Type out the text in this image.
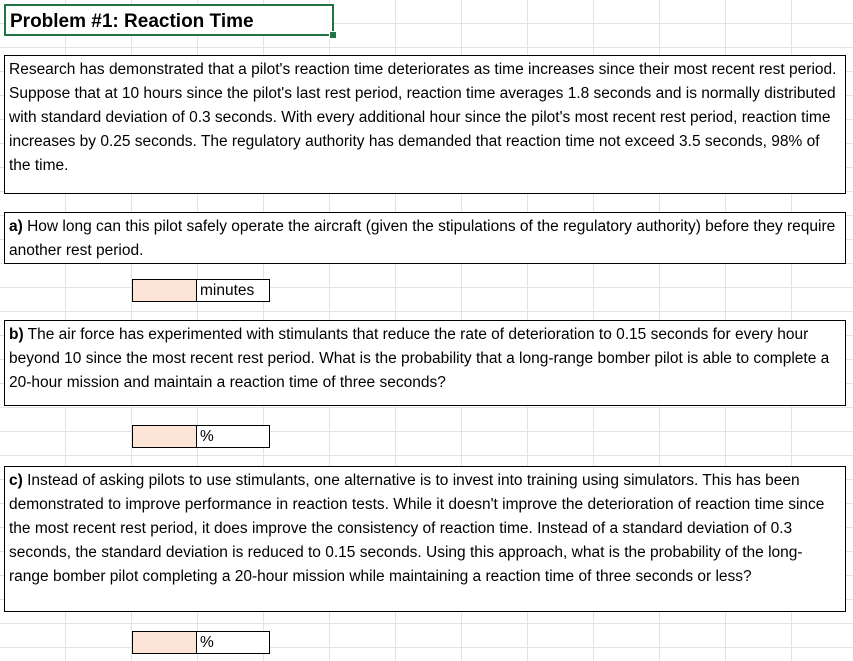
Problem #1: Reaction Time
Research has demonstrated that a pilot's reaction time deteriorates as time increases since their most recent rest period. Suppose that at 10 hours since the pilot's last rest period, reaction time averages 1.8 seconds and is normally distributed with standard deviation of 0.3 seconds. With every additional hour since the pilot's most recent rest period, reaction time increases by 0.25 seconds. The regulatory authority has demanded that reaction time not exceed 3.5 seconds, 98% of the time.
a) How long can this pilot safely operate the aircraft (given the stipulations of the regulatory authority) before they require another rest period.
minutes
b) The air force has experimented with stimulants that reduce the rate of deterioration to 0.15 seconds for every hour beyond 10 since the most recent rest period. What is the probability that a long-range bomber pilot is able to complete a 20-hour mission and maintain a reaction time of three seconds?
%
c) Instead of asking pilots to use stimulants, one alternative is to invest into training using simulators. This has been demonstrated to improve performance in reaction tests. While it doesn't improve the deterioration of reaction time since the most recent rest period, it does improve the consistency of reaction time. Instead of a standard deviation of 0.3 seconds, the standard deviation is reduced to 0.15 seconds. Using this approach, what is the probability of the long-range bomber pilot completing a 20-hour mission while maintaining a reaction time of three seconds or less?
%
